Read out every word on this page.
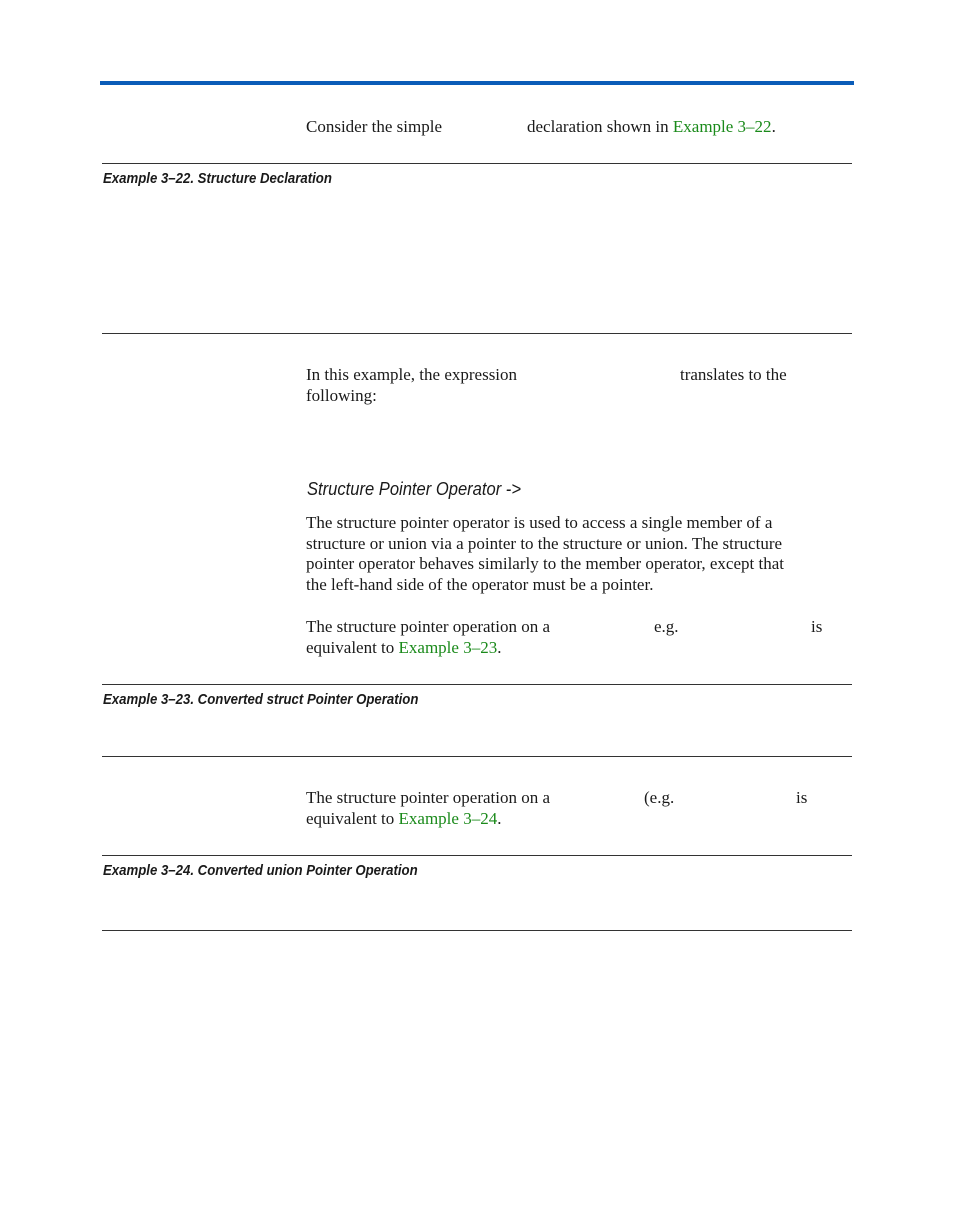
Consider the simple	declaration shown in Example 3–22.

Example 3–22. Structure Declaration

In this example, the expression	translates to the

following:

Structure Pointer Operator ->

The structure pointer operator is used to access a single member of a

structure or union via a pointer to the structure or union. The structure

pointer operator behaves similarly to the member operator, except that

the left-hand side of the operator must be a pointer.

The structure pointer operation on a	e.g.	is

equivalent to Example 3–23.

Example 3–23. Converted struct Pointer Operation

The structure pointer operation on a	(e.g.	is

equivalent to Example 3–24.

Example 3–24. Converted union Pointer Operation
